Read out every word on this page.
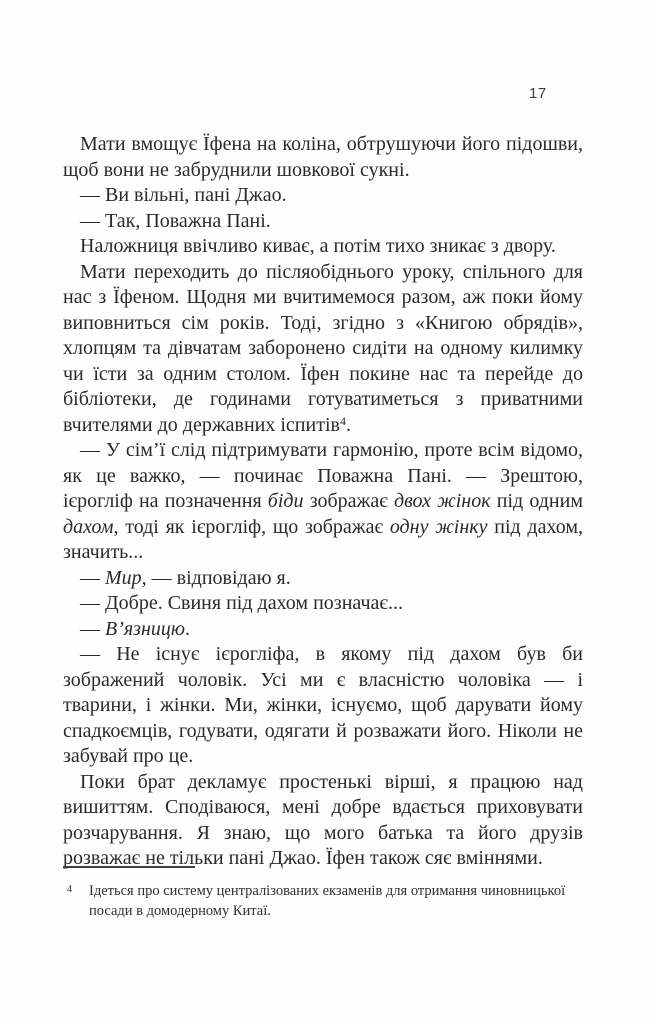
17

Мати вмощує Їфена на коліна, обтрушуючи його підошви, щоб вони не забруднили шовкової сукні.

— Ви вільні, пані Джао.

— Так, Поважна Пані.

Наложниця ввічливо киває, а потім тихо зникає з двору.

Мати переходить до післяобіднього уроку, спільного для нас з Їфеном. Щодня ми вчитимемося разом, аж поки йому виповниться сім років. Тоді, згідно з «Книгою обрядів», хлопцям та дівчатам заборонено сидіти на одному килимку чи їсти за одним столом. Їфен покине нас та перейде до бібліотеки, де годинами готуватиметься з приватними вчителями до державних іспитів$^4$.

— У сім’ї слід підтримувати гармонію, проте всім відомо, як це важко, — починає Поважна Пані. — Зрештою, ієрогліф на позначення біди зображає двох жінок під одним дахом, тоді як ієрогліф, що зображає одну жінку під дахом, значить...

— Мир, — відповідаю я.

— Добре. Свиня під дахом позначає...

— В’язницю.

— Не існує ієрогліфа, в якому під дахом був би зображений чоловік. Усі ми є власністю чоловіка — і тварини, і жінки. Ми, жінки, існуємо, щоб дарувати йому спадкоємців, годувати, одягати й розважати його. Ніколи не забувай про це.

Поки брат декламує простенькі вірші, я працюю над вишиттям. Сподіваюся, мені добре вдається приховувати розчарування. Я знаю, що мого батька та його друзів розважає не тільки пані Джао. Їфен також сяє вміннями.

4	Ідеться про систему централізованих екзаменів для отримання чиновницької посади в домодерному Китаї.
